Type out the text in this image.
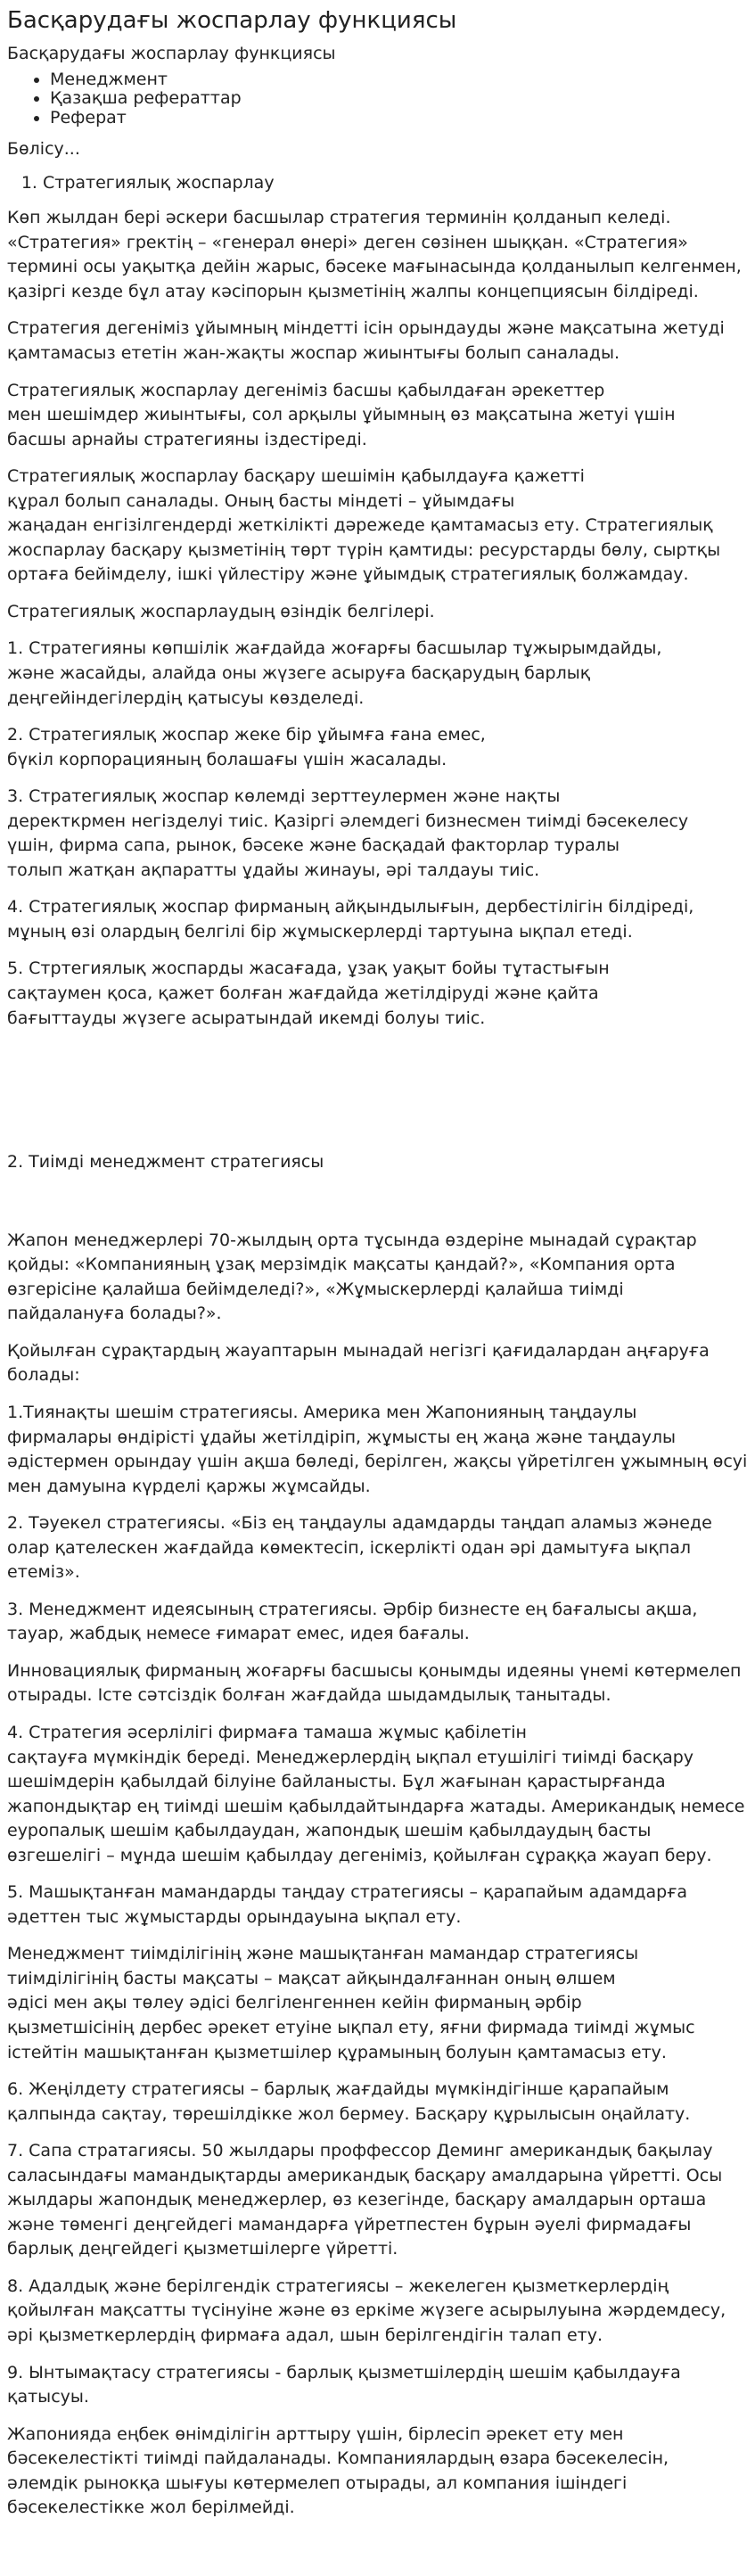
Басқарудағы жоспарлау функциясы
Басқарудағы жоспарлау функциясы
• Менеджмент
• Қазақша рефераттар
• Реферат
Бөлісу...
1. Стратегиялық жоспарлау

Көп жылдан бері әскери басшылар стратегия терминін қолданып келеді.
«Стратегия» гректің – «генерал өнері» деген сөзінен шыққан. «Стратегия»
термині осы уақытқа дейін жарыс, бәсеке мағынасында қолданылып келгенмен,
қазіргі кезде бұл атау кәсіпорын қызметінің жалпы концепциясын білдіреді.

Стратегия дегеніміз ұйымның міндетті ісін орындауды және мақсатына жетуді
қамтамасыз ететін жан-жақты жоспар жиынтығы болып саналады.

Стратегиялық жоспарлау дегеніміз басшы қабылдаған әрекеттер
мен шешімдер жиынтығы, сол арқылы ұйымның өз мақсатына жетуі үшін
басшы арнайы стратегияны іздестіреді.

Стратегиялық жоспарлау басқару шешімін қабылдауға қажетті
құрал болып саналады. Оның басты міндеті – ұйымдағы
жаңадан енгізілгендерді жеткілікті дәрежеде қамтамасыз ету. Стратегиялық
жоспарлау басқару қызметінің төрт түрін қамтиды: ресурстарды бөлу, сыртқы
ортаға бейімделу, ішкі үйлестіру және ұйымдық стратегиялық болжамдау.

Стратегиялық жоспарлаудың өзіндік белгілері.

1. Стратегияны көпшілік жағдайда жоғарғы басшылар тұжырымдайды,
және жасайды, алайда оны жүзеге асыруға басқарудың барлық
деңгейіндегілердің қатысуы көзделеді.

2. Стратегиялық жоспар жеке бір ұйымға ғана емес,
бүкіл корпорацияның болашағы үшін жасалады.

3. Стратегиялық жоспар көлемді зерттеулермен және нақты
деректкрмен негізделуі тиіс. Қазіргі әлемдегі бизнесмен тиімді бәсекелесу
үшін, фирма сапа, рынок, бәсеке және басқадай факторлар туралы
толып жатқан ақпаратты ұдайы жинауы, әрі талдауы тиіс.

4. Стратегиялық жоспар фирманың айқындылығын, дербестілігін білдіреді,
мұның өзі олардың белгілі бір жұмыскерлерді тартуына ықпал етеді.

5. Стртегиялық жоспарды жасағада, ұзақ уақыт бойы тұтастығын
сақтаумен қоса, қажет болған жағдайда жетілдіруді және қайта
бағыттауды жүзеге асыратындай икемді болуы тиіс.

2. Тиімді менеджмент стратегиясы

Жапон менеджерлері 70-жылдың орта тұсында өздеріне мынадай сұрақтар
қойды: «Компанияның ұзақ мерзімдік мақсаты қандай?», «Компания орта
өзгерісіне қалайша бейімделеді?», «Жұмыскерлерді қалайша тиімді
пайдалануға болады?».

Қойылған сұрақтардың жауаптарын мынадай негізгі қағидалардан аңғаруға
болады:

1.Тиянақты шешім стратегиясы. Америка мен Жапонияның таңдаулы
фирмалары өндірісті ұдайы жетілдіріп, жұмысты ең жаңа және таңдаулы
әдістермен орындау үшін ақша бөледі, берілген, жақсы үйретілген ұжымның өсуі
мен дамуына күрделі қаржы жұмсайды.

2. Тәуекел стратегиясы. «Біз ең таңдаулы адамдарды таңдап аламыз жәнеде
олар қателескен жағдайда көмектесіп, іскерлікті одан әрі дамытуға ықпал
етеміз».

3. Менеджмент идеясының стратегиясы. Әрбір бизнесте ең бағалысы ақша,
тауар, жабдық немесе ғимарат емес, идея бағалы.

Инновациялық фирманың жоғарғы басшысы қонымды идеяны үнемі көтермелеп
отырады. Істе сәтсіздік болған жағдайда шыдамдылық танытады.

4. Стратегия әсерлілігі фирмаға тамаша жұмыс қабілетін
сақтауға мүмкіндік береді. Менеджерлердің ықпал етушілігі тиімді басқару
шешімдерін қабылдай білуіне байланысты. Бұл жағынан қарастырғанда
жапондықтар ең тиімді шешім қабылдайтындарға жатады. Американдық немесе
еуропалық шешім қабылдаудан, жапондық шешім қабылдаудың басты
өзгешелігі – мұнда шешім қабылдау дегеніміз, қойылған сұраққа жауап беру.

5. Машықтанған мамандарды таңдау стратегиясы – қарапайым адамдарға
әдеттен тыс жұмыстарды орындауына ықпал ету.

Менеджмент тиімділігінің және машықтанған мамандар стратегиясы
тиімділігінің басты мақсаты – мақсат айқындалғаннан оның өлшем
әдісі мен ақы төлеу әдісі белгіленгеннен кейін фирманың әрбір
қызметшісінің дербес әрекет етуіне ықпал ету, яғни фирмада тиімді жұмыс
істейтін машықтанған қызметшілер құрамының болуын қамтамасыз ету.

6. Жеңілдету стратегиясы – барлық жағдайды мүмкіндігінше қарапайым
қалпында сақтау, төрешілдікке жол бермеу. Басқару құрылысын оңайлату.

7. Сапа стратагиясы. 50 жылдары проффессор Деминг американдық бақылау
саласындағы мамандықтарды американдық басқару амалдарына үйретті. Осы
жылдары жапондық менеджерлер, өз кезегінде, басқару амалдарын орташа
және төменгі деңгейдегі мамандарға үйретпестен бұрын әуелі фирмадағы
барлық деңгейдегі қызметшілерге үйретті.

8. Адалдық және берілгендік стратегиясы – жекелеген қызметкерлердің
қойылған мақсатты түсінуіне және өз еркіме жүзеге асырылуына жәрдемдесу,
әрі қызметкерлердің фирмаға адал, шын берілгендігін талап ету.

9. Ынтымақтасу стратегиясы - барлық қызметшілердің шешім қабылдауға
қатысуы.

Жапонияда еңбек өнімділігін арттыру үшін, бірлесіп әрекет ету мен
бәсекелестікті тиімді пайдаланады. Компаниялардың өзара бәсекелесін,
әлемдік рынокқа шығуы көтермелеп отырады, ал компания ішіндегі
бәсекелестікке жол берілмейді.
